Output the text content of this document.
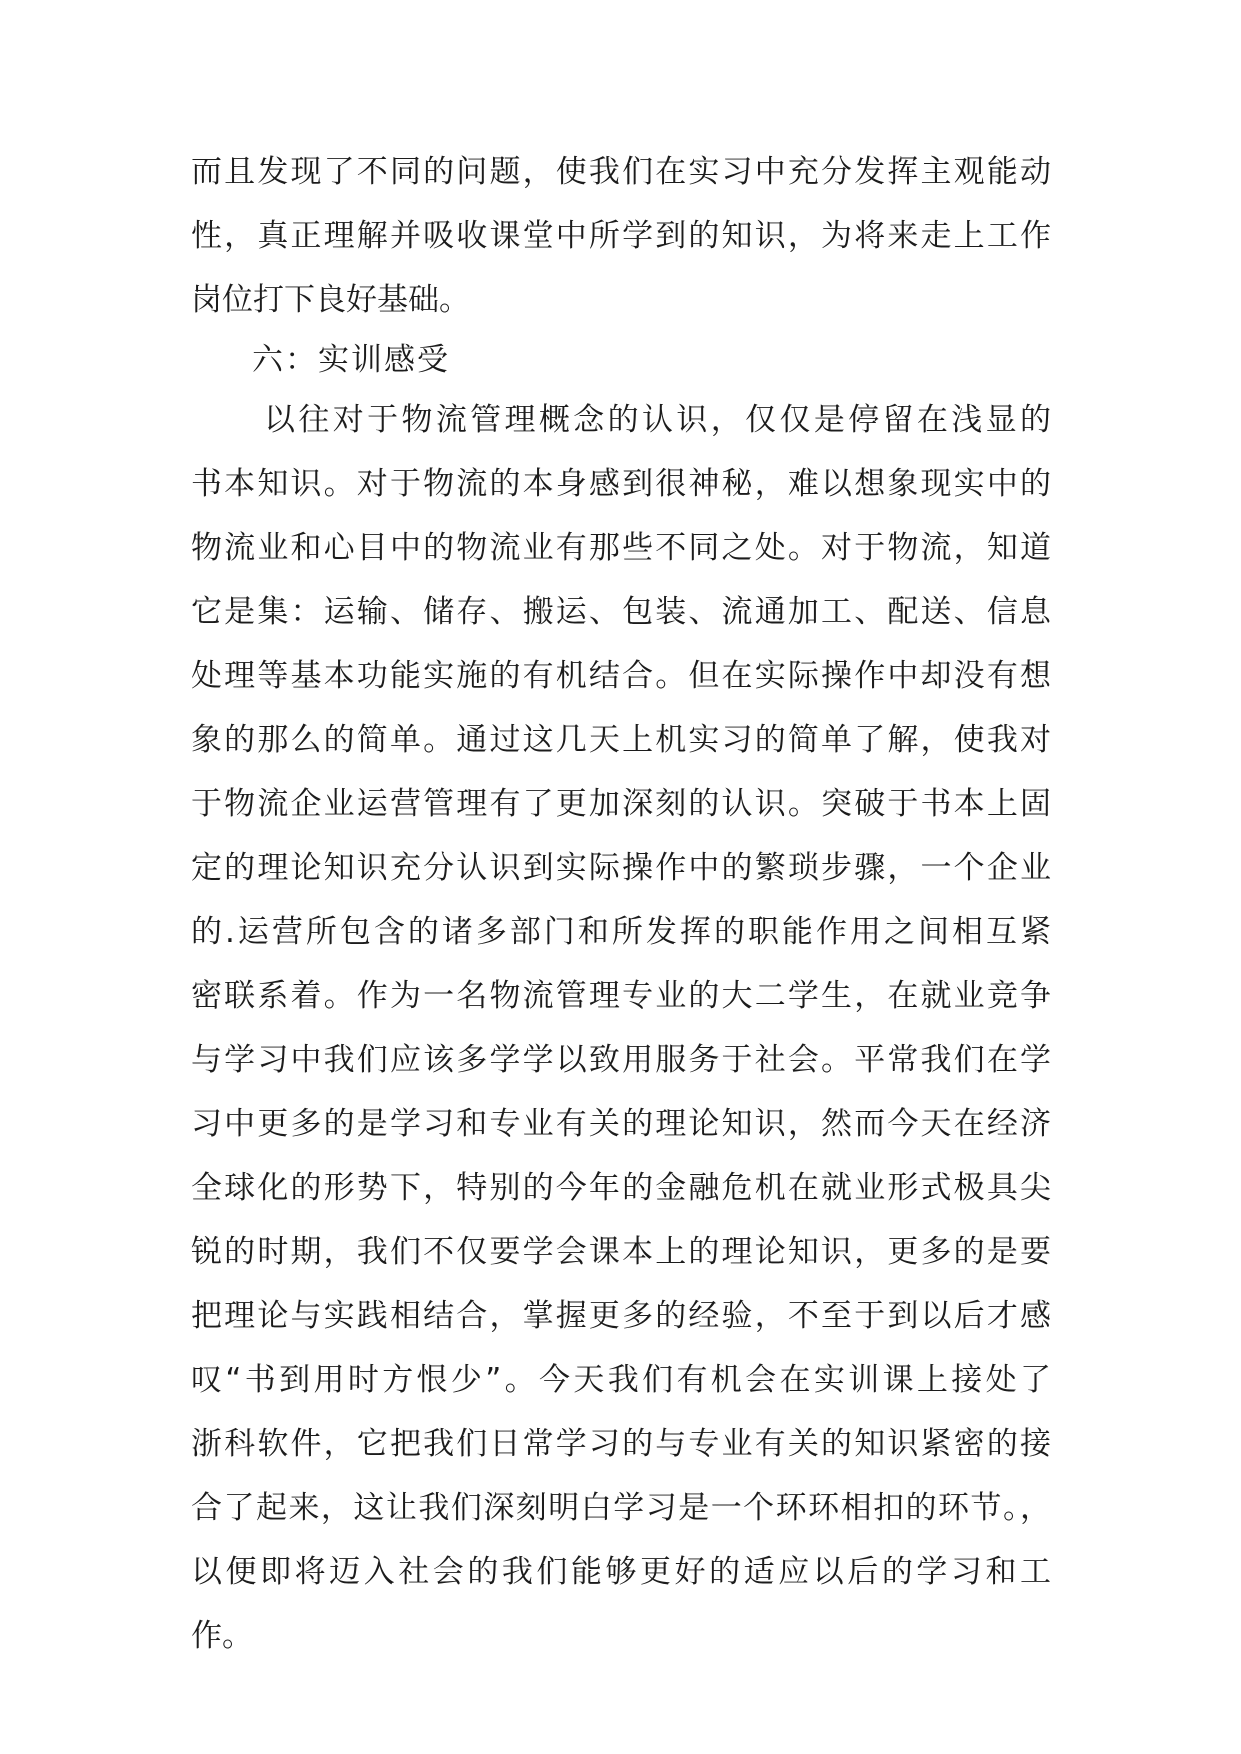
而且发现了不同的问题，使我们在实习中充分发挥主观能动
性，真正理解并吸收课堂中所学到的知识，为将来走上工作
岗位打下良好基础。
六：实训感受
以往对于物流管理概念的认识，仅仅是停留在浅显的
书本知识。对于物流的本身感到很神秘，难以想象现实中的
物流业和心目中的物流业有那些不同之处。对于物流，知道
它是集：运输、储存、搬运、包装、流通加工、配送、信息
处理等基本功能实施的有机结合。但在实际操作中却没有想
象的那么的简单。通过这几天上机实习的简单了解，使我对
于物流企业运营管理有了更加深刻的认识。突破于书本上固
定的理论知识充分认识到实际操作中的繁琐步骤，一个企业
的.运营所包含的诸多部门和所发挥的职能作用之间相互紧
密联系着。作为一名物流管理专业的大二学生，在就业竞争
与学习中我们应该多学学以致用服务于社会。平常我们在学
习中更多的是学习和专业有关的理论知识，然而今天在经济
全球化的形势下，特别的今年的金融危机在就业形式极具尖
锐的时期，我们不仅要学会课本上的理论知识，更多的是要
把理论与实践相结合，掌握更多的经验，不至于到以后才感
叹“书到用时方恨少”。今天我们有机会在实训课上接处了
浙科软件，它把我们日常学习的与专业有关的知识紧密的接
合了起来，这让我们深刻明白学习是一个环环相扣的环节。，
以便即将迈入社会的我们能够更好的适应以后的学习和工
作。
